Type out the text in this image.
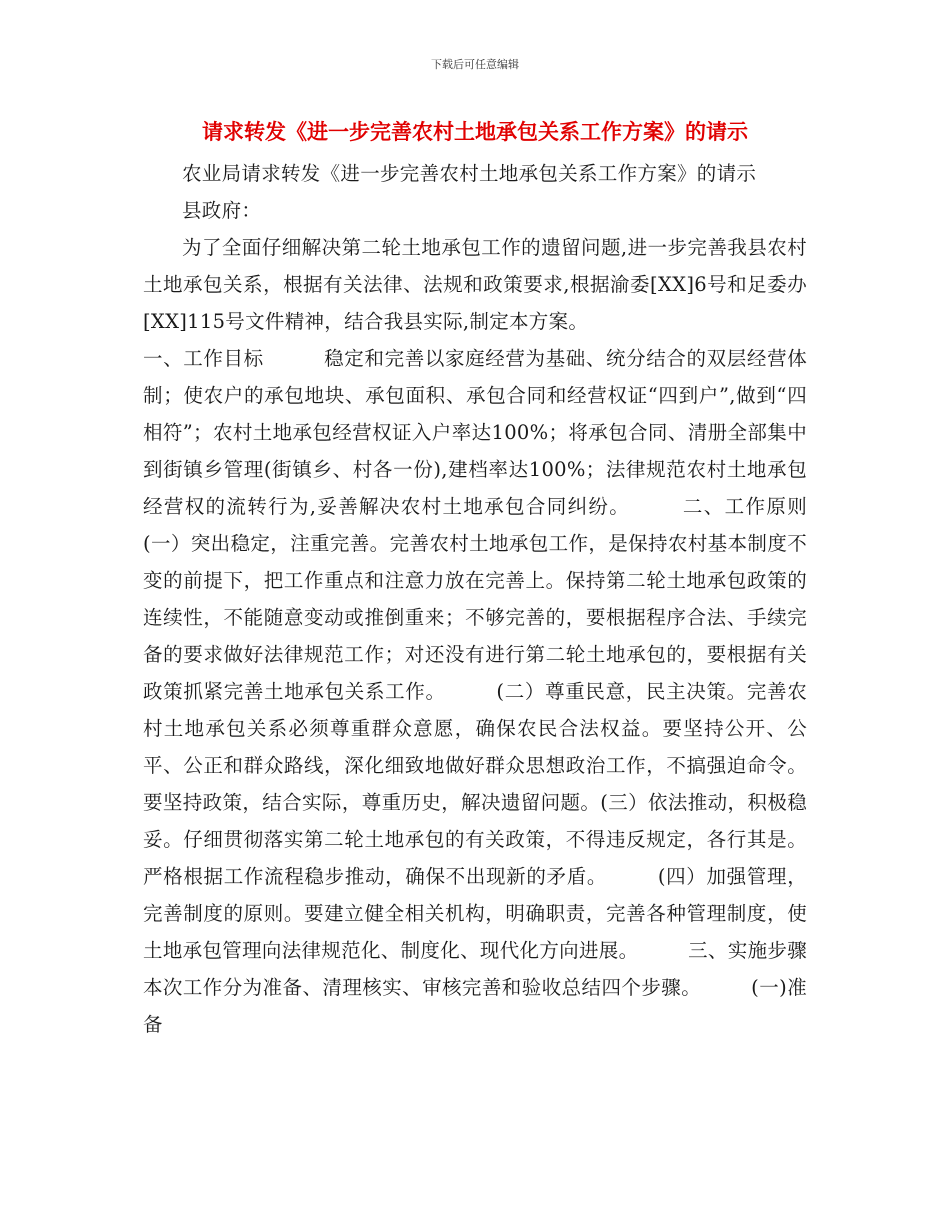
下载后可任意编辑
请求转发《进一步完善农村土地承包关系工作方案》的请示

农业局请求转发《进一步完善农村土地承包关系工作方案》的请示

县政府：

为了全面仔细解决第二轮土地承包工作的遗留问题,进一步完善我县农村土地承包关系，根据有关法律、法规和政策要求,根据渝委[XX]6号和足委办[XX]115号文件精神，结合我县实际,制定本方案。

一、工作目标　　　稳定和完善以家庭经营为基础、统分结合的双层经营体制；使农户的承包地块、承包面积、承包合同和经营权证“四到户”,做到“四相符”；农村土地承包经营权证入户率达100%；将承包合同、清册全部集中到街镇乡管理(街镇乡、村各一份),建档率达100%；法律规范农村土地承包经营权的流转行为,妥善解决农村土地承包合同纠纷。　　　二、工作原则　　　(一）突出稳定，注重完善。完善农村土地承包工作，是保持农村基本制度不变的前提下，把工作重点和注意力放在完善上。保持第二轮土地承包政策的连续性，不能随意变动或推倒重来；不够完善的，要根据程序合法、手续完备的要求做好法律规范工作；对还没有进行第二轮土地承包的，要根据有关政策抓紧完善土地承包关系工作。　　　(二）尊重民意，民主决策。完善农村土地承包关系必须尊重群众意愿，确保农民合法权益。要坚持公开、公平、公正和群众路线，深化细致地做好群众思想政治工作，不搞强迫命令。要坚持政策，结合实际，尊重历史，解决遗留问题。(三）依法推动，积极稳妥。仔细贯彻落实第二轮土地承包的有关政策，不得违反规定，各行其是。严格根据工作流程稳步推动，确保不出现新的矛盾。　　　(四）加强管理，完善制度的原则。要建立健全相关机构，明确职责，完善各种管理制度，使土地承包管理向法律规范化、制度化、现代化方向进展。　　　三、实施步骤　　　本次工作分为准备、清理核实、审核完善和验收总结四个步骤。　　　(一)准备
